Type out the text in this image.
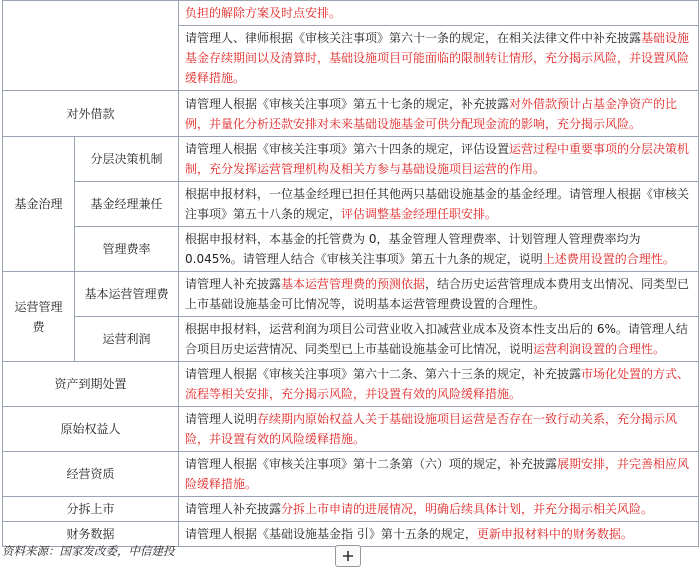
		负担的解除方案及时点安排。
		请管理人、律师根据《审核关注事项》第六十一条的规定，在相关法律文件中补充披露基础设施基金存续期间以及清算时，基础设施项目可能面临的限制转让情形，充分揭示风险，并设置风险缓释措施。
对外借款		请管理人根据《审核关注事项》第五十七条的规定，补充披露对外借款预计占基金净资产的比例，并量化分析还款安排对未来基础设施基金可供分配现金流的影响，充分揭示风险。
基金治理	分层决策机制	请管理人根据《审核关注事项》第六十四条的规定，评估设置运营过程中重要事项的分层决策机制，充分发挥运营管理机构及相关方参与基础设施项目运营的作用。
	基金经理兼任	根据申报材料，一位基金经理已担任其他两只基础设施基金的基金经理。请管理人根据《审核关注事项》第五十八条的规定，评估调整基金经理任职安排。
	管理费率	根据申报材料，本基金的托管费为 0，基金管理人管理费率、计划管理人管理费率均为 0.045%。请管理人结合《审核关注事项》第五十九条的规定，说明上述费用设置的合理性。
运营管理费	基本运营管理费	请管理人补充披露基本运营管理费的预测依据，结合历史运营管理成本费用支出情况、同类型已上市基础设施基金可比情况等，说明基本运营管理费设置的合理性。
	运营利润	根据申报材料，运营利润为项目公司营业收入扣减营业成本及资本性支出后的 6%。请管理人结合项目历史运营情况、同类型已上市基础设施基金可比情况，说明运营利润设置的合理性。
资产到期处置		请管理人根据《审核关注事项》第六十二条、第六十三条的规定，补充披露市场化处置的方式、流程等相关安排，充分揭示风险，并设置有效的风险缓释措施。
原始权益人		请管理人说明存续期内原始权益人关于基础设施项目运营是否存在一致行动关系，充分揭示风险，并设置有效的风险缓释措施。
经营资质		请管理人根据《审核关注事项》第十二条第（六）项的规定，补充披露展期安排，并完善相应风险缓释措施。
分拆上市		请管理人补充披露分拆上市申请的进展情况，明确后续具体计划，并充分揭示相关风险。
财务数据		请管理人根据《基础设施基金指 引》第十五条的规定，更新申报材料中的财务数据。
资料来源：国家发改委，中信建投
